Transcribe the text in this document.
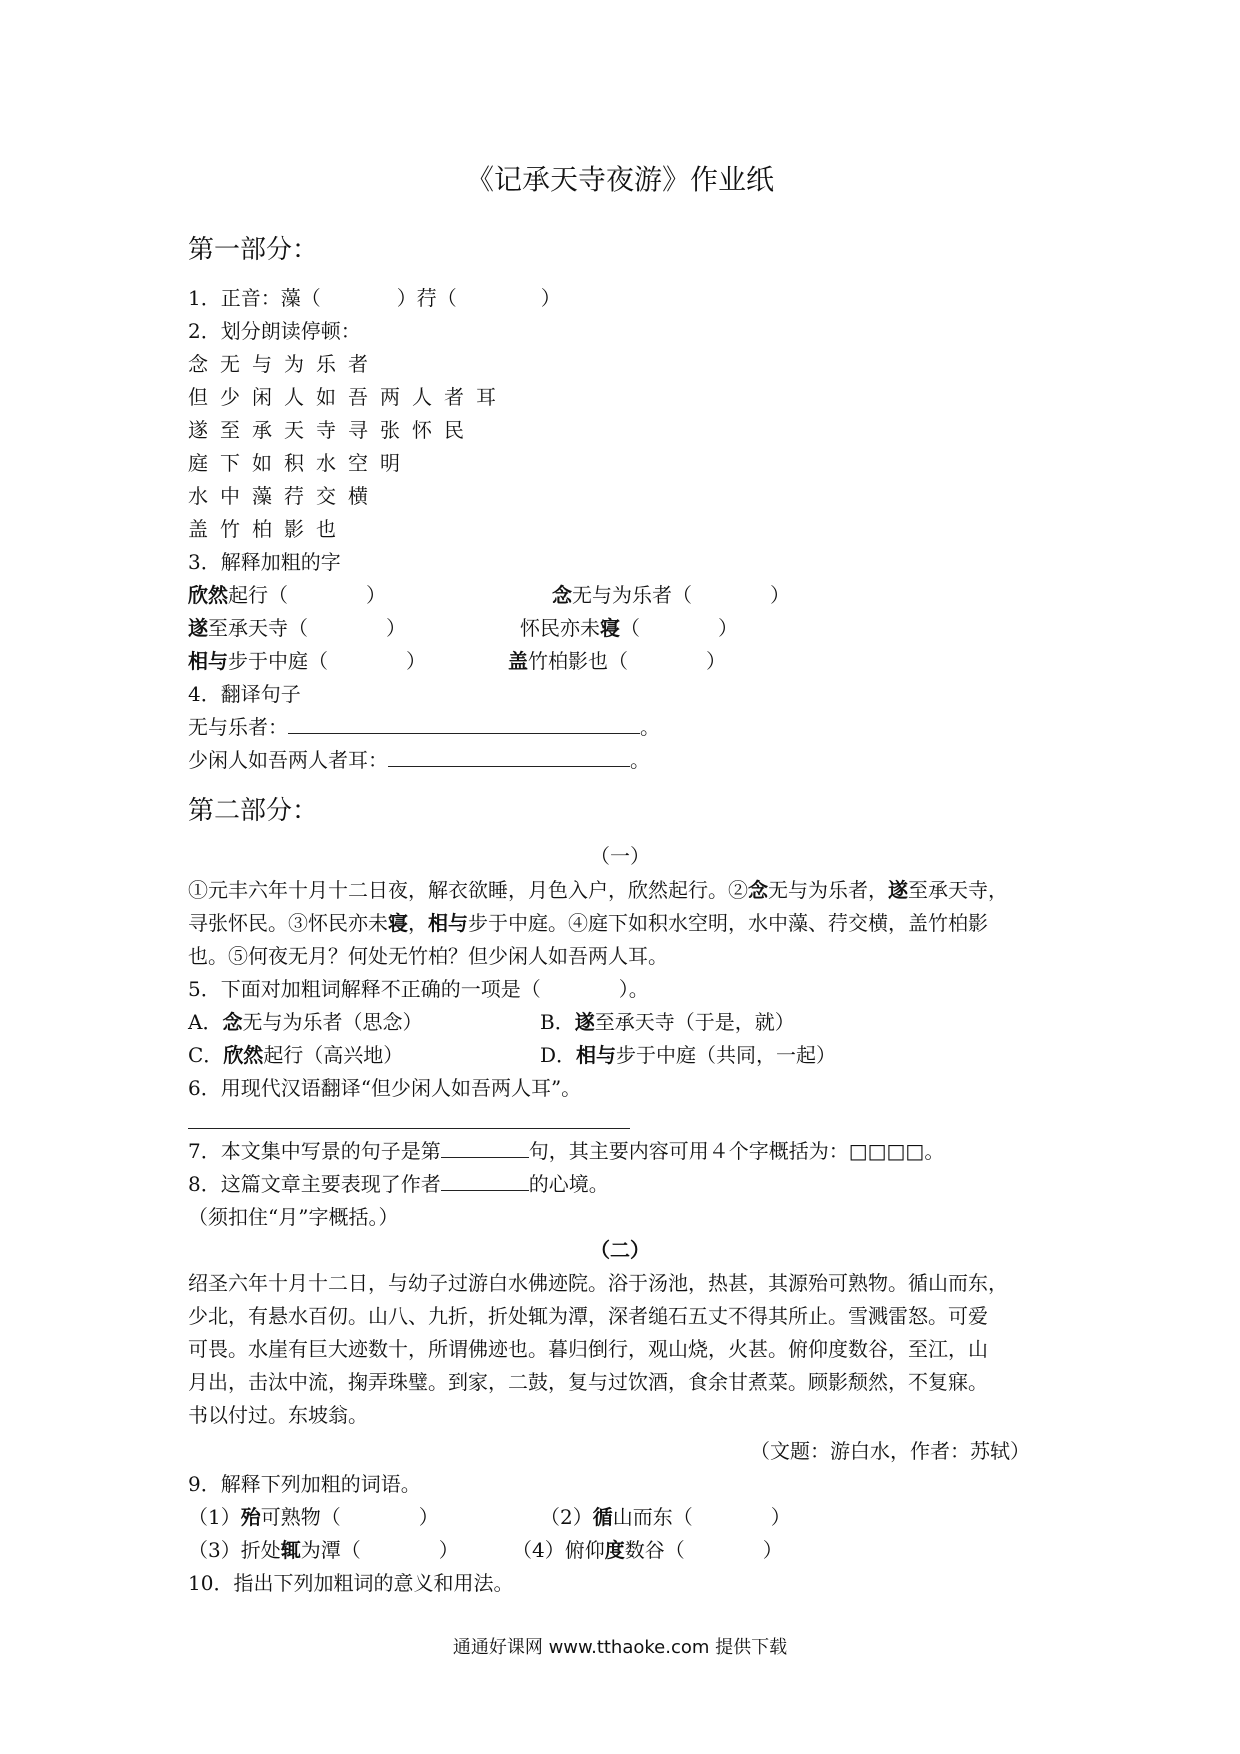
《记承天寺夜游》作业纸
第一部分：
1．正音：藻（	）荇（	）
2．划分朗读停顿：
念无与为乐者
但少闲人如吾两人者耳
遂至承天寺寻张怀民
庭下如积水空明
水中藻荇交横
盖竹柏影也
3．解释加粗的字
欣然起行（	）	念无与为乐者（	）
遂至承天寺（	）	怀民亦未寝（	）
相与步于中庭（	）	盖竹柏影也（	）
4．翻译句子
无与乐者：	。
少闲人如吾两人者耳：	。
第二部分：
（一）
①元丰六年十月十二日夜，解衣欲睡，月色入户，欣然起行。②念无与为乐者，遂至承天寺，
寻张怀民。③怀民亦未寝，相与步于中庭。④庭下如积水空明，水中藻、荇交横，盖竹柏影
也。⑤何夜无月？何处无竹柏？但少闲人如吾两人耳。
5．下面对加粗词解释不正确的一项是（	）。
A．念无与为乐者（思念）	B．遂至承天寺（于是，就）
C．欣然起行（高兴地）	D．相与步于中庭（共同，一起）
6．用现代汉语翻译“但少闲人如吾两人耳”。
7．本文集中写景的句子是第	句，其主要内容可用４个字概括为：□□□□。
8．这篇文章主要表现了作者	的心境。
（须扣住“月”字概括。）
（二）
绍圣六年十月十二日，与幼子过游白水佛迹院。浴于汤池，热甚，其源殆可熟物。循山而东，
少北，有悬水百仞。山八、九折，折处辄为潭，深者缒石五丈不得其所止。雪溅雷怒。可爱
可畏。水崖有巨大迹数十，所谓佛迹也。暮归倒行，观山烧，火甚。俯仰度数谷，至江，山
月出，击汰中流，掬弄珠璧。到家，二鼓，复与过饮酒，食余甘煮菜。顾影颓然，不复寐。
书以付过。东坡翁。
（文题：游白水，作者：苏轼）
9．解释下列加粗的词语。
（1）殆可熟物（	）	（2）循山而东（	）
（3）折处辄为潭（	）	（4）俯仰度数谷（	）
10．指出下列加粗词的意义和用法。
通通好课网 www.tthaoke.com 提供下载
